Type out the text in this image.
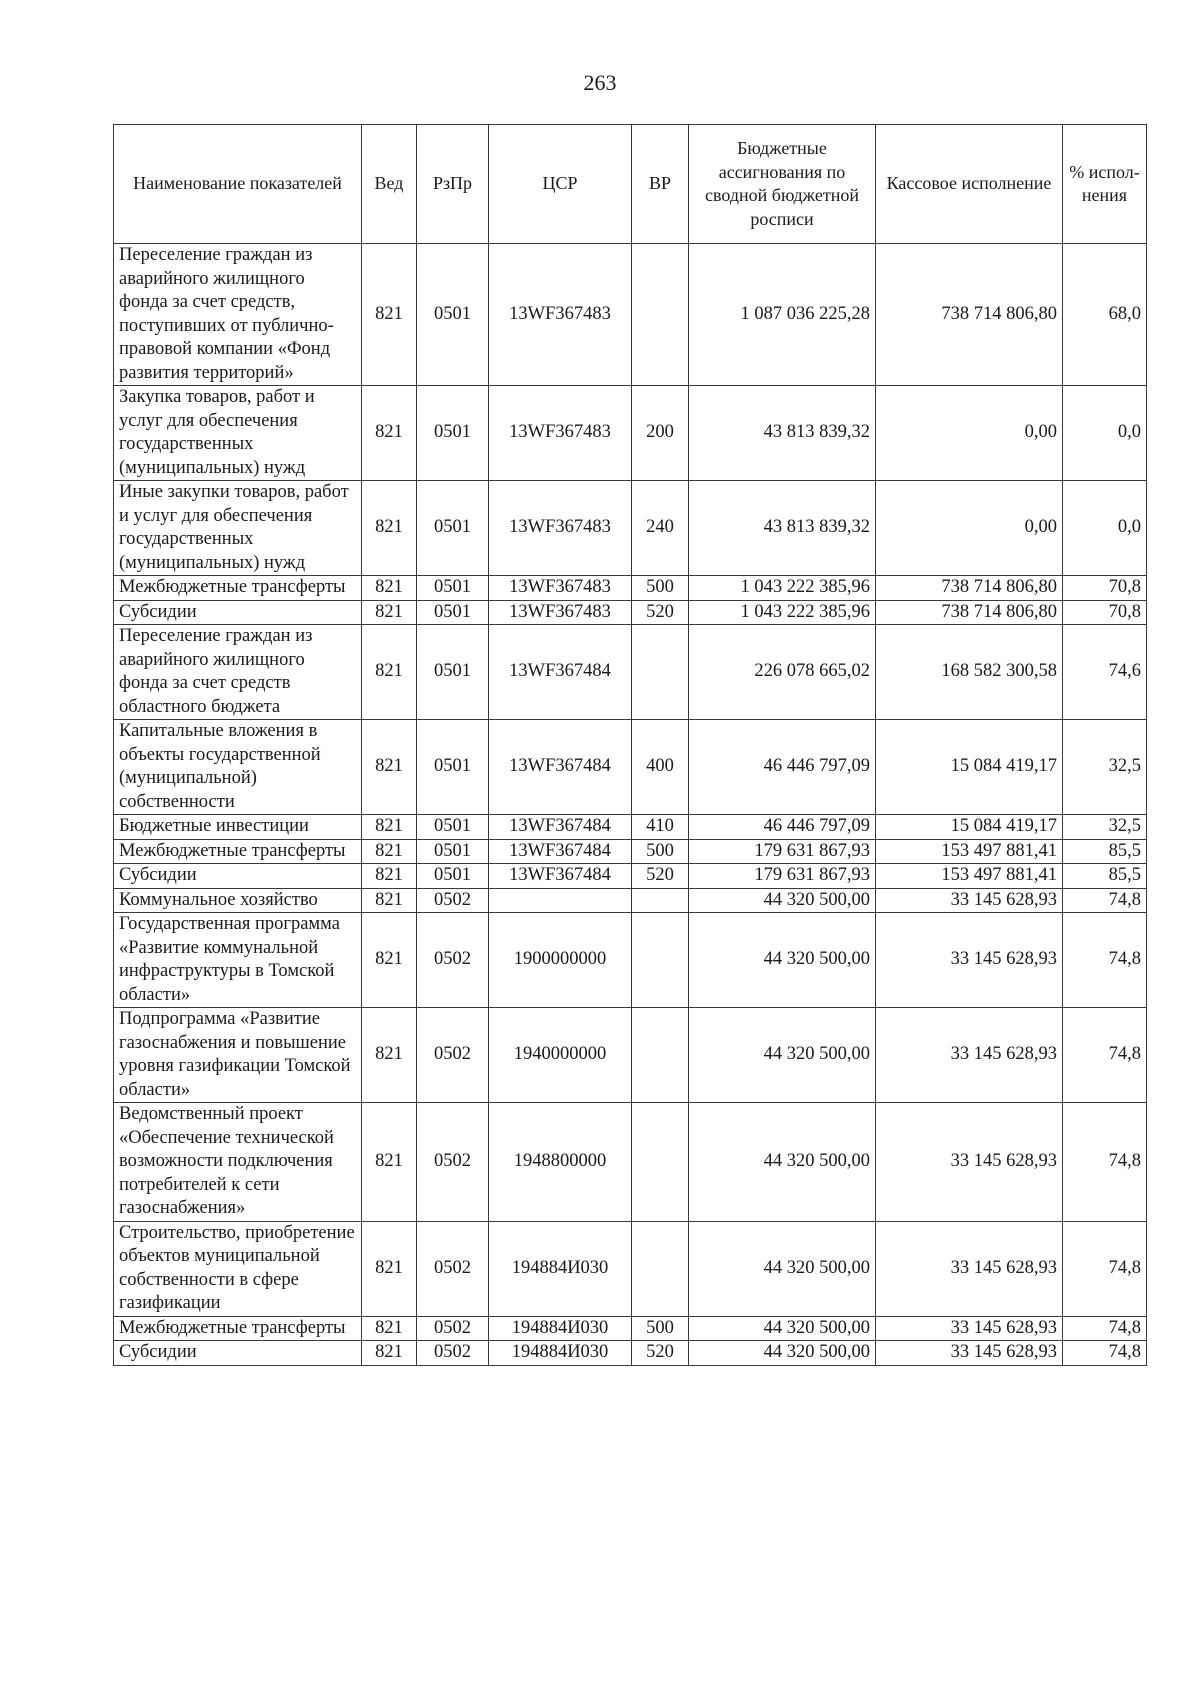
263
Наименование показателей	Вед	РзПр	ЦСР	ВР	Бюджетные ассигнования по сводной бюджетной росписи	Кассовое исполнение	% испол-нения
Переселение граждан из аварийного жилищного фонда за счет средств, поступивших от публично-правовой компании «Фонд развития территорий»	821	0501	13WF367483		1 087 036 225,28	738 714 806,80	68,0
Закупка товаров, работ и услуг для обеспечения государственных (муниципальных) нужд	821	0501	13WF367483	200	43 813 839,32	0,00	0,0
Иные закупки товаров, работ и услуг для обеспечения государственных (муниципальных) нужд	821	0501	13WF367483	240	43 813 839,32	0,00	0,0
Межбюджетные трансферты	821	0501	13WF367483	500	1 043 222 385,96	738 714 806,80	70,8
Субсидии	821	0501	13WF367483	520	1 043 222 385,96	738 714 806,80	70,8
Переселение граждан из аварийного жилищного фонда за счет средств областного бюджета	821	0501	13WF367484		226 078 665,02	168 582 300,58	74,6
Капитальные вложения в объекты государственной (муниципальной) собственности	821	0501	13WF367484	400	46 446 797,09	15 084 419,17	32,5
Бюджетные инвестиции	821	0501	13WF367484	410	46 446 797,09	15 084 419,17	32,5
Межбюджетные трансферты	821	0501	13WF367484	500	179 631 867,93	153 497 881,41	85,5
Субсидии	821	0501	13WF367484	520	179 631 867,93	153 497 881,41	85,5
Коммунальное хозяйство	821	0502			44 320 500,00	33 145 628,93	74,8
Государственная программа «Развитие коммунальной инфраструктуры в Томской области»	821	0502	1900000000		44 320 500,00	33 145 628,93	74,8
Подпрограмма «Развитие газоснабжения и повышение уровня газификации Томской области»	821	0502	1940000000		44 320 500,00	33 145 628,93	74,8
Ведомственный проект «Обеспечение технической возможности подключения потребителей к сети газоснабжения»	821	0502	1948800000		44 320 500,00	33 145 628,93	74,8
Строительство, приобретение объектов муниципальной собственности в сфере газификации	821	0502	194884И030		44 320 500,00	33 145 628,93	74,8
Межбюджетные трансферты	821	0502	194884И030	500	44 320 500,00	33 145 628,93	74,8
Субсидии	821	0502	194884И030	520	44 320 500,00	33 145 628,93	74,8
